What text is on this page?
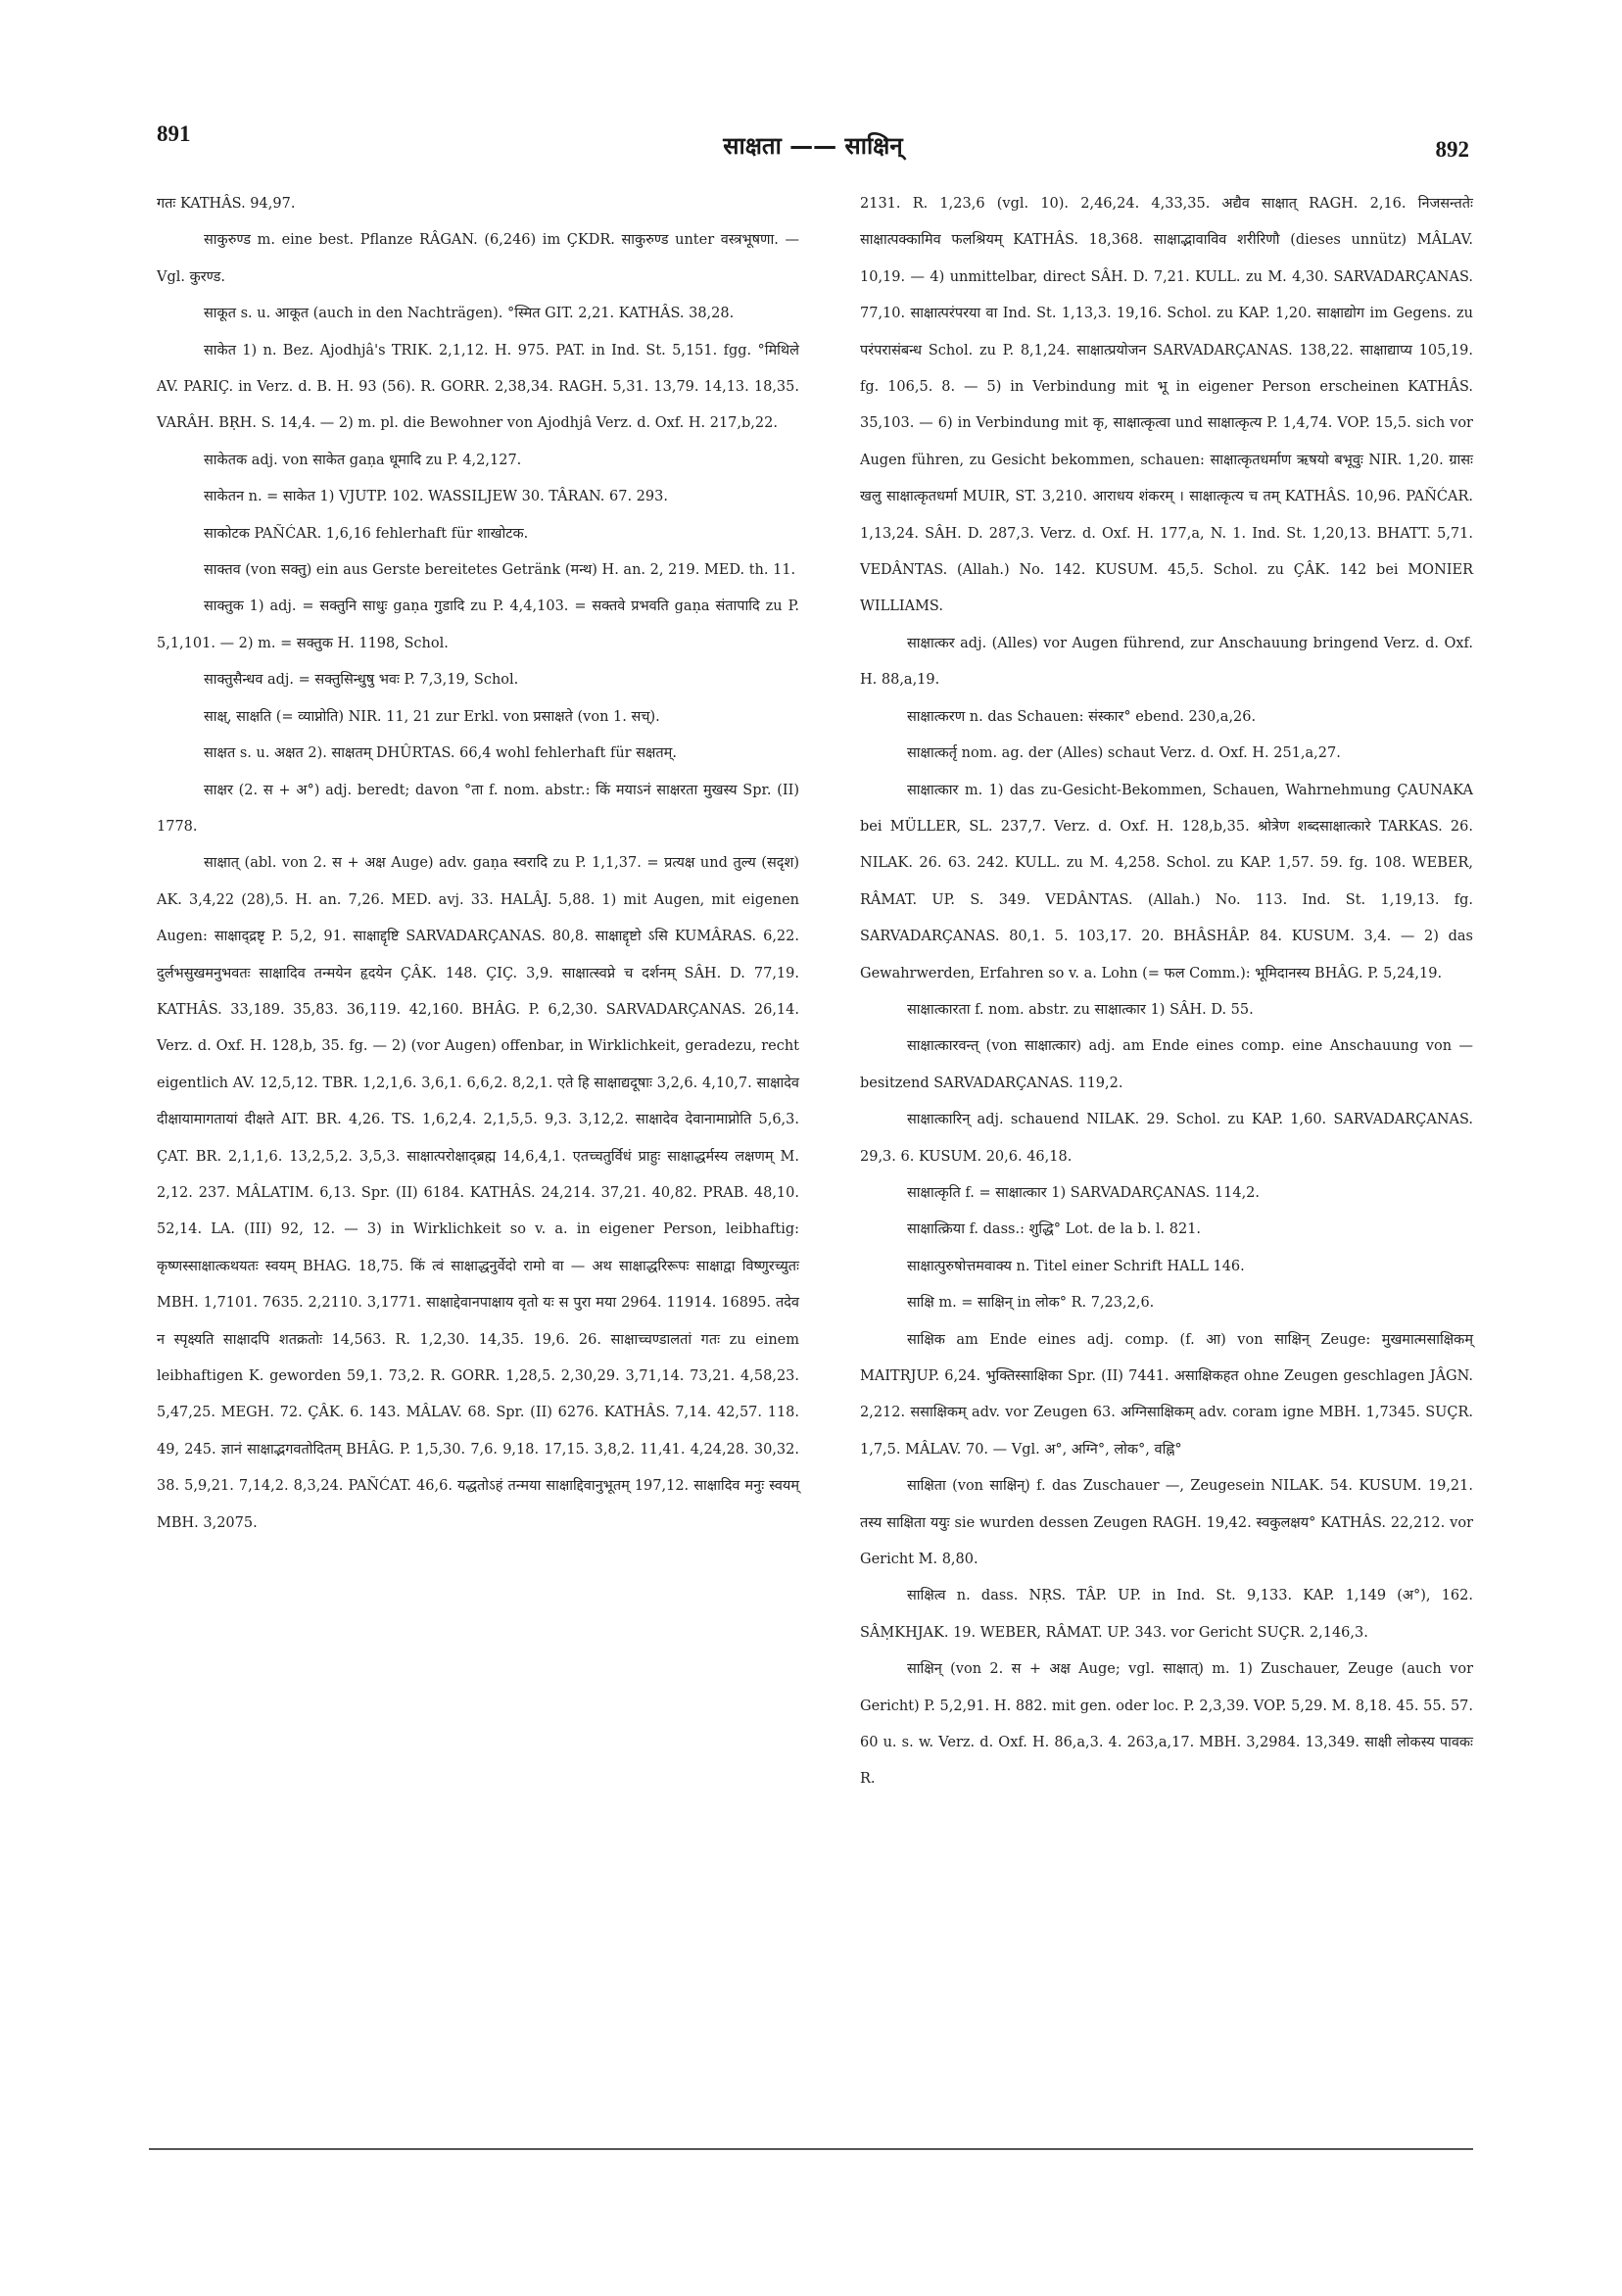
891	साक्षता —— साक्षिन्	892

गतः KATHÂS. 94,97.

साकुरुण्ड m. eine best. Pflanze RÂGAN. (6,246) im ÇKDR. साकुरुण्ड unter वस्त्रभूषणा. — Vgl. कुरण्ड.

साकूत s. u. आकूत (auch in den Nachträgen). °स्मित GIT. 2,21. KATHÂS. 38,28.

साकेत 1) n. Bez. Ajodhjâ's TRIK. 2,1,12. H. 975. PAT. in Ind. St. 5,151. fgg. °मिथिले AV. PARIÇ. in Verz. d. B. H. 93 (56). R. GORR. 2,38,34. RAGH. 5,31. 13,79. 14,13. 18,35. VARÂH. BṚH. S. 14,4. — 2) m. pl. die Bewohner von Ajodhjâ Verz. d. Oxf. H. 217,b,22.

साकेतक adj. von साकेत gaṇa धूमादि zu P. 4,2,127.

साकेतन n. = साकेत 1) VJUTP. 102. WASSILJEW 30. TÂRAN. 67. 293.

साकोटक PAÑĆAR. 1,6,16 fehlerhaft für शाखोटक.

साक्तव (von सक्तु) ein aus Gerste bereitetes Getränk (मन्थ) H. an. 2, 219. MED. th. 11.

साक्तुक 1) adj. = सक्तुनि साधुः gaṇa गुडादि zu P. 4,4,103. = सक्तवे प्रभवति gaṇa संतापादि zu P. 5,1,101. — 2) m. = सक्तुक H. 1198, Schol.

साक्तुसैन्धव adj. = सक्तुसिन्धुषु भवः P. 7,3,19, Schol.

साक्ष्, साक्षति (= व्याप्नोति) NIR. 11, 21 zur Erkl. von प्रसाक्षते (von 1. सच्).

साक्षत s. u. अक्षत 2). साक्षतम् DHÛRTAS. 66,4 wohl fehlerhaft für सक्षतम्.

साक्षर (2. स + अ°) adj. beredt; davon °ता f. nom. abstr.: किं मयाऽनं साक्षरता मुखस्य Spr. (II) 1778.

साक्षात् (abl. von 2. स + अक्ष Auge) adv. gaṇa स्वरादि zu P. 1,1,37. = प्रत्यक्ष und तुल्य (सदृश) AK. 3,4,22 (28),5. H. an. 7,26. MED. avj. 33. HALÂJ. 5,88. 1) mit Augen, mit eigenen Augen: साक्षाद्द्रष्टृ P. 5,2, 91. साक्षाद्दृष्टि SARVADARÇANAS. 80,8. साक्षाद्दृष्टो ऽसि KUMÂRAS. 6,22. दुर्लभसुखमनुभवतः साक्षादिव तन्मयेन हृदयेन ÇÂK. 148. ÇIÇ. 3,9. साक्षात्स्वप्ने च दर्शनम् SÂH. D. 77,19. KATHÂS. 33,189. 35,83. 36,119. 42,160. BHÂG. P. 6,2,30. SARVADARÇANAS. 26,14. Verz. d. Oxf. H. 128,b, 35. fg. — 2) (vor Augen) offenbar, in Wirklichkeit, geradezu, recht eigentlich AV. 12,5,12. TBR. 1,2,1,6. 3,6,1. 6,6,2. 8,2,1. एते हि साक्षाद्यदूषाः 3,2,6. 4,10,7. साक्षादेव दीक्षायामागतायां दीक्षते AIT. BR. 4,26. TS. 1,6,2,4. 2,1,5,5. 9,3. 3,12,2. साक्षादेव देवानामाप्नोति 5,6,3. ÇAT. BR. 2,1,1,6. 13,2,5,2. 3,5,3. साक्षात्परोक्षाद्ब्रह्म 14,6,4,1. एतच्चतुर्विधं प्राहुः साक्षाद्धर्मस्य लक्षणम् M. 2,12. 237. MÂLATIM. 6,13. Spr. (II) 6184. KATHÂS. 24,214. 37,21. 40,82. PRAB. 48,10. 52,14. LA. (III) 92, 12. — 3) in Wirklichkeit so v. a. in eigener Person, leibhaftig: कृष्णस्साक्षात्कथयतः स्वयम् BHAG. 18,75. किं त्वं साक्षाद्धनुर्वेदो रामो वा — अथ साक्षाद्धरिरूपः साक्षाद्वा विष्णुरच्युतः MBH. 1,7101. 7635. 2,2110. 3,1771. साक्षाद्देवानपाक्षाय वृतो यः स पुरा मया 2964. 11914. 16895. तदेव न स्पृक्ष्यति साक्षादपि शतक्रतोः 14,563. R. 1,2,30. 14,35. 19,6. 26. साक्षाच्चण्डालतां गतः zu einem leibhaftigen K. geworden 59,1. 73,2. R. GORR. 1,28,5. 2,30,29. 3,71,14. 73,21. 4,58,23. 5,47,25. MEGH. 72. ÇÂK. 6. 143. MÂLAV. 68. Spr. (II) 6276. KATHÂS. 7,14. 42,57. 118. 49, 245. ज्ञानं साक्षाद्भगवतोदितम् BHÂG. P. 1,5,30. 7,6. 9,18. 17,15. 3,8,2. 11,41. 4,24,28. 30,32. 38. 5,9,21. 7,14,2. 8,3,24. PAÑĆAT. 46,6. यद्धतोऽहं तन्मया साक्षाद्दिवानुभूतम् 197,12. साक्षादिव मनुः स्वयम् MBH. 3,2075.

2131. R. 1,23,6 (vgl. 10). 2,46,24. 4,33,35. अद्यैव साक्षात् RAGH. 2,16. निजसन्ततेः साक्षात्पक्कामिव फलश्रियम् KATHÂS. 18,368. साक्षाद्भावाविव शरीरिणौ (dieses unnütz) MÂLAV. 10,19. — 4) unmittelbar, direct SÂH. D. 7,21. KULL. zu M. 4,30. SARVADARÇANAS. 77,10. साक्षात्परंपरया वा Ind. St. 1,13,3. 19,16. Schol. zu KAP. 1,20. साक्षाद्योग im Gegens. zu परंपरासंबन्ध Schol. zu P. 8,1,24. साक्षात्प्रयोजन SARVADARÇANAS. 138,22. साक्षाद्याप्य 105,19. fg. 106,5. 8. — 5) in Verbindung mit भू in eigener Person erscheinen KATHÂS. 35,103. — 6) in Verbindung mit कृ, साक्षात्कृत्वा und साक्षात्कृत्य P. 1,4,74. VOP. 15,5. sich vor Augen führen, zu Gesicht bekommen, schauen: साक्षात्कृतधर्माण ऋषयो बभूवुः NIR. 1,20. ग्रासः खलु साक्षात्कृतधर्मा MUIR, ST. 3,210. आराधय शंकरम् । साक्षात्कृत्य च तम् KATHÂS. 10,96. PAÑĆAR. 1,13,24. SÂH. D. 287,3. Verz. d. Oxf. H. 177,a, N. 1. Ind. St. 1,20,13. BHATT. 5,71. VEDÂNTAS. (Allah.) No. 142. KUSUM. 45,5. Schol. zu ÇÂK. 142 bei MONIER WILLIAMS.

साक्षात्कर adj. (Alles) vor Augen führend, zur Anschauung bringend Verz. d. Oxf. H. 88,a,19.

साक्षात्करण n. das Schauen: संस्कार° ebend. 230,a,26.

साक्षात्कर्तृ nom. ag. der (Alles) schaut Verz. d. Oxf. H. 251,a,27.

साक्षात्कार m. 1) das zu-Gesicht-Bekommen, Schauen, Wahrnehmung ÇAUNAKA bei MÜLLER, SL. 237,7. Verz. d. Oxf. H. 128,b,35. श्रोत्रेण शब्दसाक्षात्कारे TARKAS. 26. NILAK. 26. 63. 242. KULL. zu M. 4,258. Schol. zu KAP. 1,57. 59. fg. 108. WEBER, RÂMAT. UP. S. 349. VEDÂNTAS. (Allah.) No. 113. Ind. St. 1,19,13. fg. SARVADARÇANAS. 80,1. 5. 103,17. 20. BHÂSHÂP. 84. KUSUM. 3,4. — 2) das Gewahrwerden, Erfahren so v. a. Lohn (= फल Comm.): भूमिदानस्य BHÂG. P. 5,24,19.

साक्षात्कारता f. nom. abstr. zu साक्षात्कार 1) SÂH. D. 55.

साक्षात्कारवन्त् (von साक्षात्कार) adj. am Ende eines comp. eine Anschauung von — besitzend SARVADARÇANAS. 119,2.

साक्षात्कारिन् adj. schauend NILAK. 29. Schol. zu KAP. 1,60. SARVADARÇANAS. 29,3. 6. KUSUM. 20,6. 46,18.

साक्षात्कृति f. = साक्षात्कार 1) SARVADARÇANAS. 114,2.

साक्षात्क्रिया f. dass.: शुद्धि° Lot. de la b. l. 821.

साक्षात्पुरुषोत्तमवाक्य n. Titel einer Schrift HALL 146.

साक्षि m. = साक्षिन् in लोक° R. 7,23,2,6.

साक्षिक am Ende eines adj. comp. (f. आ) von साक्षिन् Zeuge: मुखमात्मसाक्षिकम् MAITRJUP. 6,24. भुक्तिस्साक्षिका Spr. (II) 7441. असाक्षिकहत ohne Zeugen geschlagen JÂGN. 2,212. ससाक्षिकम् adv. vor Zeugen 63. अग्निसाक्षिकम् adv. coram igne MBH. 1,7345. SUÇR. 1,7,5. MÂLAV. 70. — Vgl. अ°, अग्नि°, लोक°, वह्नि°

साक्षिता (von साक्षिन्) f. das Zuschauer —, Zeugesein NILAK. 54. KUSUM. 19,21. तस्य साक्षिता ययुः sie wurden dessen Zeugen RAGH. 19,42. स्वकुलक्षय° KATHÂS. 22,212. vor Gericht M. 8,80.

साक्षित्व n. dass. NṚS. TÂP. UP. in Ind. St. 9,133. KAP. 1,149 (अ°), 162. SÂṂKHJAK. 19. WEBER, RÂMAT. UP. 343. vor Gericht SUÇR. 2,146,3.

साक्षिन् (von 2. स + अक्ष Auge; vgl. साक्षात्) m. 1) Zuschauer, Zeuge (auch vor Gericht) P. 5,2,91. H. 882. mit gen. oder loc. P. 2,3,39. VOP. 5,29. M. 8,18. 45. 55. 57. 60 u. s. w. Verz. d. Oxf. H. 86,a,3. 4. 263,a,17. MBH. 3,2984. 13,349. साक्षी लोकस्य पावकः R.
